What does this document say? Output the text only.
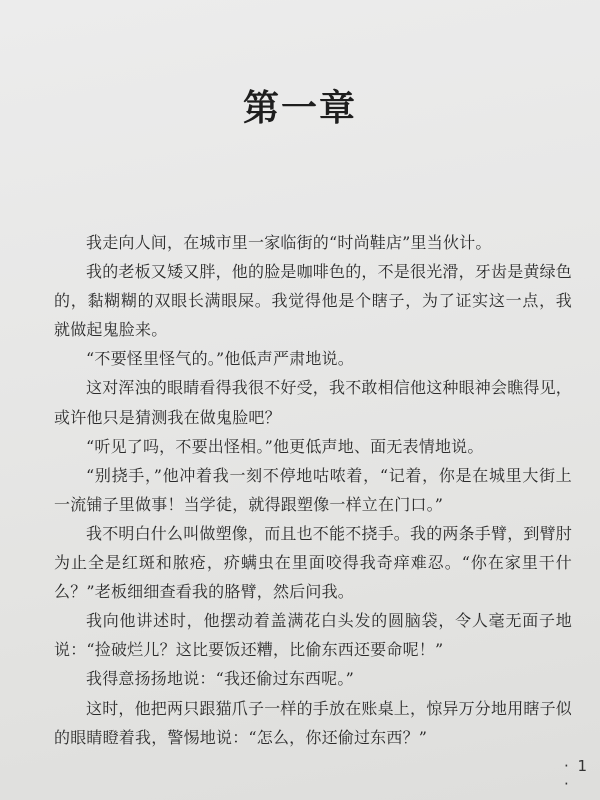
第一章

我走向人间，在城市里一家临街的“时尚鞋店”里当伙计。

我的老板又矮又胖，他的脸是咖啡色的，不是很光滑，牙齿是黄绿色的，黏糊糊的双眼长满眼屎。我觉得他是个瞎子，为了证实这一点，我就做起鬼脸来。

“不要怪里怪气的。”他低声严肃地说。

这对浑浊的眼睛看得我很不好受，我不敢相信他这种眼神会瞧得见，或许他只是猜测我在做鬼脸吧？

“听见了吗，不要出怪相。”他更低声地、面无表情地说。

“别挠手，”他冲着我一刻不停地咕哝着，“记着，你是在城里大街上一流铺子里做事！当学徒，就得跟塑像一样立在门口。”

我不明白什么叫做塑像，而且也不能不挠手。我的两条手臂，到臂肘为止全是红斑和脓疮，疥螨虫在里面咬得我奇痒难忍。“你在家里干什么？”老板细细查看我的胳臂，然后问我。

我向他讲述时，他摆动着盖满花白头发的圆脑袋，令人毫无面子地说：“捡破烂儿？这比要饭还糟，比偷东西还要命呢！”

我得意扬扬地说：“我还偷过东西呢。”

这时，他把两只跟猫爪子一样的手放在账桌上，惊异万分地用瞎子似的眼睛瞪着我，警惕地说：“怎么，你还偷过东西？”

· 1 ·
